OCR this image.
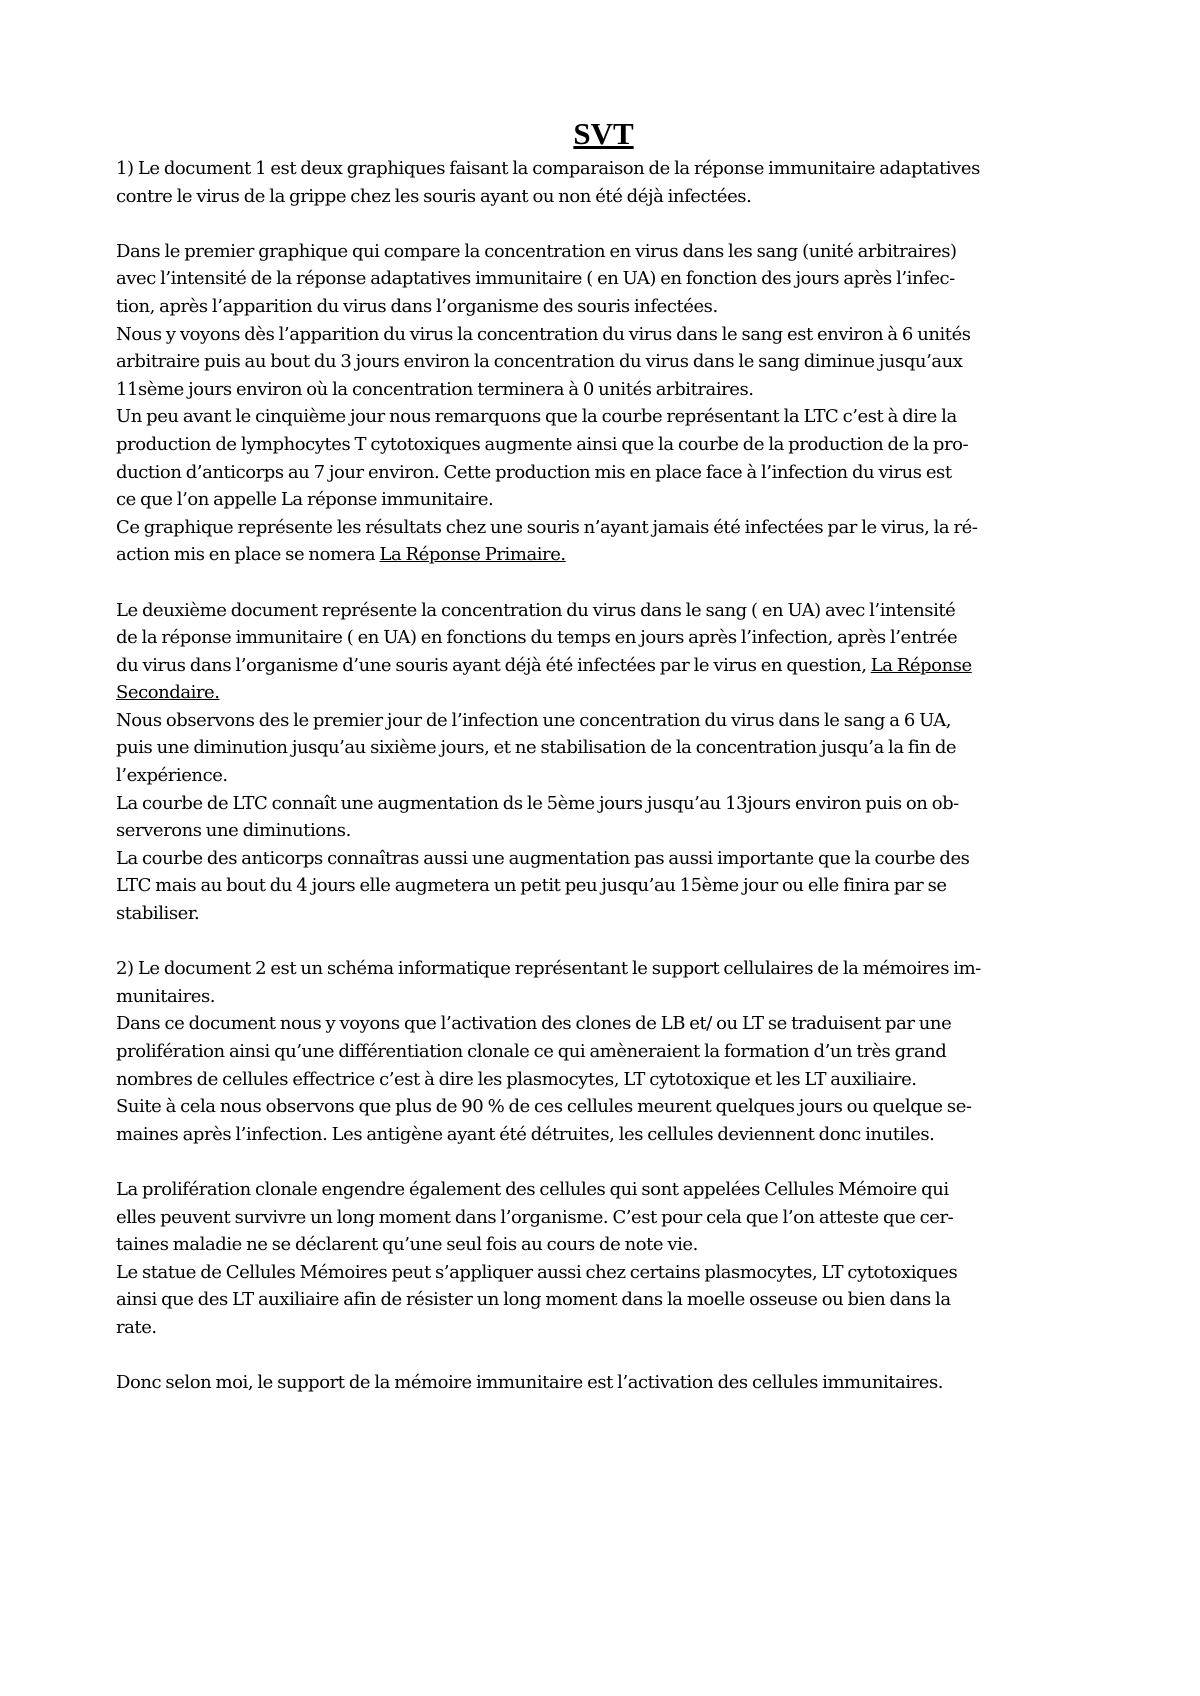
SVT
1) Le document 1 est deux graphiques faisant la comparaison de la réponse immunitaire adaptatives
contre le virus de la grippe chez les souris ayant ou non été déjà infectées.
Dans le premier graphique qui compare la concentration en virus dans les sang (unité arbitraires)
avec l’intensité de la réponse adaptatives immunitaire ( en UA) en fonction des jours après l’infec-
tion, après l’apparition du virus dans l’organisme des souris infectées.
Nous y voyons dès l’apparition du virus la concentration du virus dans le sang est environ à 6 unités
arbitraire puis au bout du 3 jours environ la concentration du virus dans le sang diminue jusqu’aux
11sème jours environ où la concentration terminera à 0 unités arbitraires.
Un peu avant le cinquième jour nous remarquons que la courbe représentant la LTC c’est à dire la
production de lymphocytes T cytotoxiques augmente ainsi que la courbe de la production de la pro-
duction d’anticorps au 7 jour environ. Cette production mis en place face à l’infection du virus est
ce que l’on appelle La réponse immunitaire.
Ce graphique représente les résultats chez une souris n’ayant jamais été infectées par le virus, la ré-
action mis en place se nomera La Réponse Primaire.
Le deuxième document représente la concentration du virus dans le sang ( en UA) avec l’intensité
de la réponse immunitaire ( en UA) en fonctions du temps en jours après l’infection, après l’entrée
du virus dans l’organisme d’une souris ayant déjà été infectées par le virus en question, La Réponse
Secondaire.
Nous observons des le premier jour de l’infection une concentration du virus dans le sang a 6 UA,
puis une diminution jusqu’au sixième jours, et ne stabilisation de la concentration jusqu’a la fin de
l’expérience.
La courbe de LTC connaît une augmentation ds le 5ème jours jusqu’au 13jours environ puis on ob-
serverons une diminutions.
La courbe des anticorps connaîtras aussi une augmentation pas aussi importante que la courbe des
LTC mais au bout du 4 jours elle augmetera un petit peu jusqu’au 15ème jour ou elle finira par se
stabiliser.
2) Le document 2 est un schéma informatique représentant le support cellulaires de la mémoires im-
munitaires.
Dans ce document nous y voyons que l’activation des clones de LB et/ ou LT se traduisent par une
prolifération ainsi qu’une différentiation clonale ce qui amèneraient la formation d’un très grand
nombres de cellules effectrice c’est à dire les plasmocytes, LT cytotoxique et les LT auxiliaire.
Suite à cela nous observons que plus de 90 % de ces cellules meurent quelques jours ou quelque se-
maines après l’infection. Les antigène ayant été détruites, les cellules deviennent donc inutiles.
La prolifération clonale engendre également des cellules qui sont appelées Cellules Mémoire qui
elles peuvent survivre un long moment dans l’organisme. C’est pour cela que l’on atteste que cer-
taines maladie ne se déclarent qu’une seul fois au cours de note vie.
Le statue de Cellules Mémoires peut s’appliquer aussi chez certains plasmocytes, LT cytotoxiques
ainsi que des LT auxiliaire afin de résister un long moment dans la moelle osseuse ou bien dans la
rate.
Donc selon moi, le support de la mémoire immunitaire est l’activation des cellules immunitaires.
